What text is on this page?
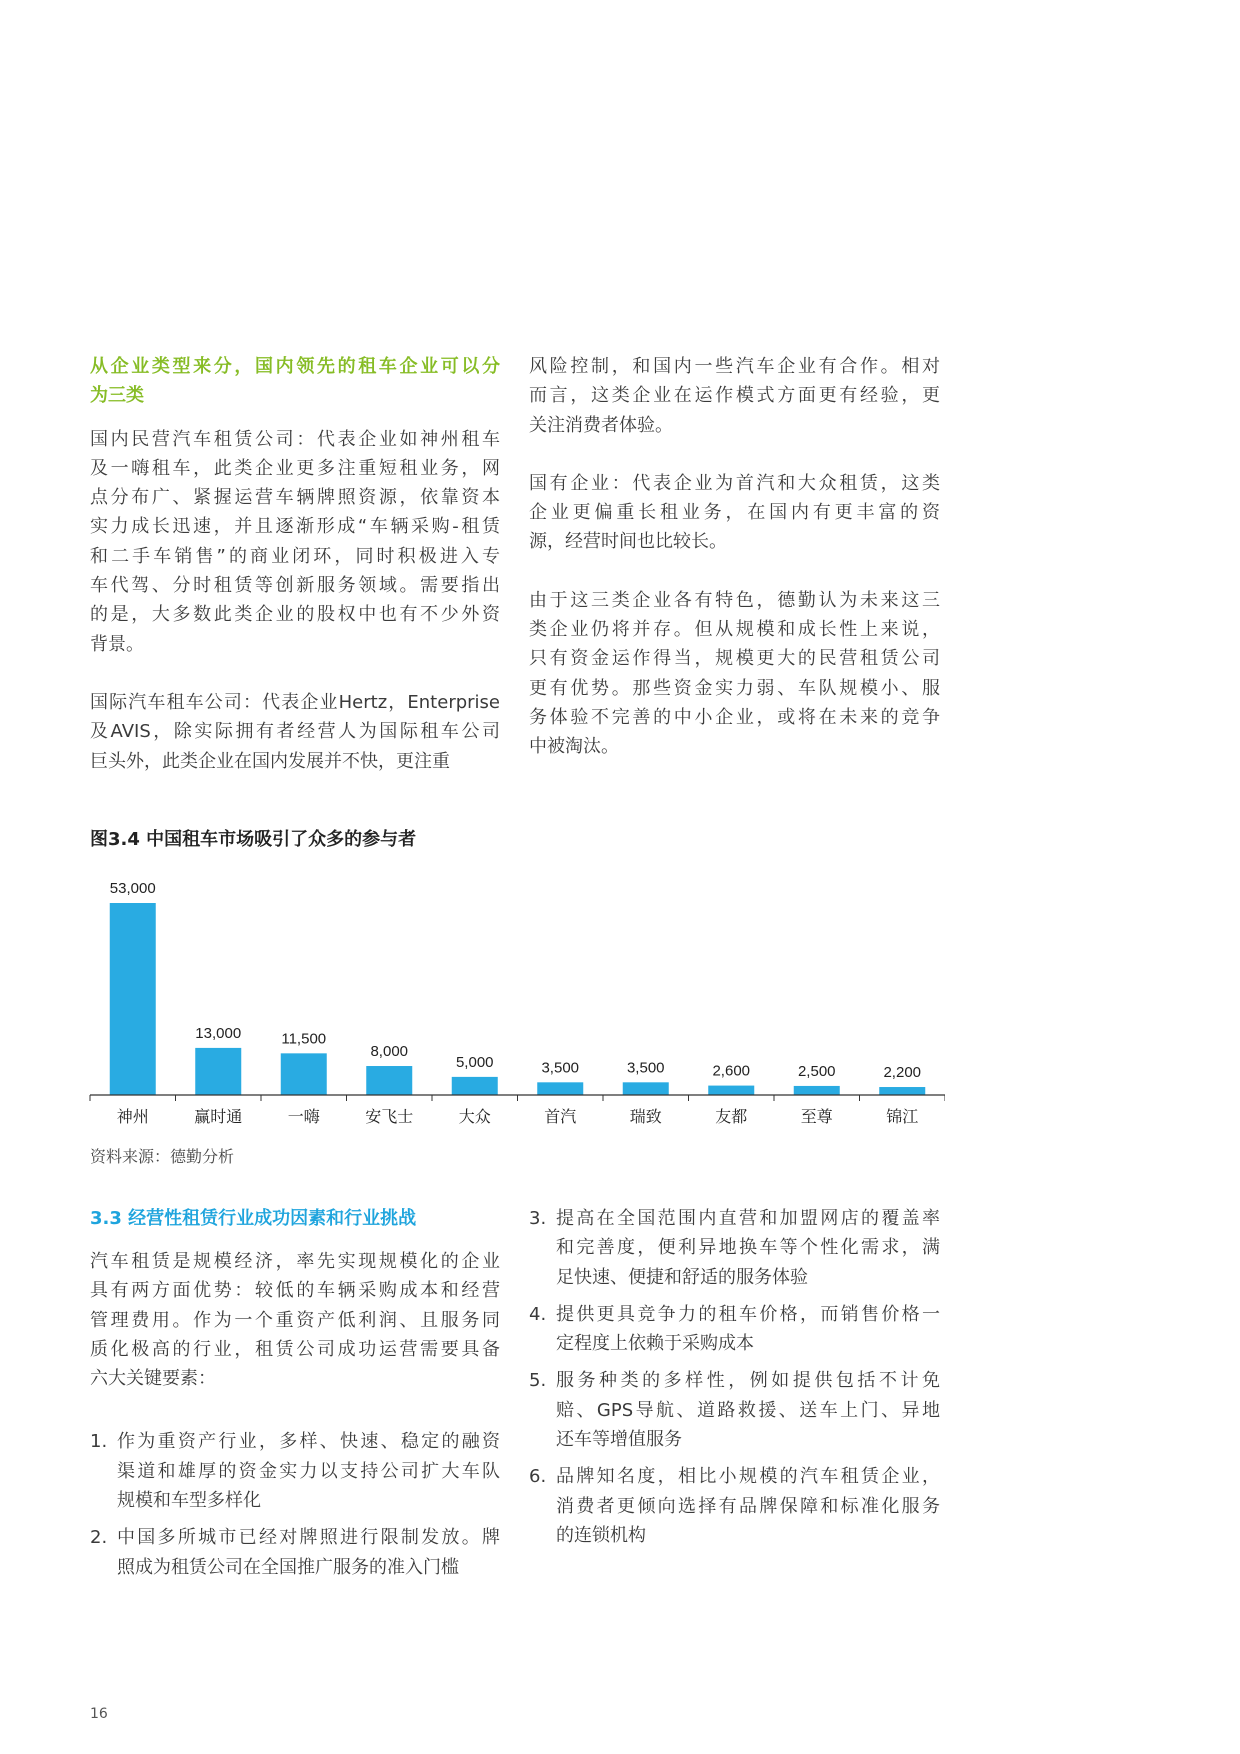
从企业类型来分，国内领先的租车企业可以分
为三类
国内民营汽车租赁公司：代表企业如神州租车
及一嗨租车，此类企业更多注重短租业务，网
点分布广、紧握运营车辆牌照资源，依靠资本
实力成长迅速，并且逐渐形成“车辆采购-租赁
和二手车销售”的商业闭环，同时积极进入专
车代驾、分时租赁等创新服务领域。需要指出
的是，大多数此类企业的股权中也有不少外资
背景。
国际汽车租车公司：代表企业Hertz，Enterprise
及AVIS，除实际拥有者经营人为国际租车公司
巨头外，此类企业在国内发展并不快，更注重
风险控制，和国内一些汽车企业有合作。相对
而言，这类企业在运作模式方面更有经验，更
关注消费者体验。
国有企业：代表企业为首汽和大众租赁，这类
企业更偏重长租业务，在国内有更丰富的资
源，经营时间也比较长。
由于这三类企业各有特色，德勤认为未来这三
类企业仍将并存。但从规模和成长性上来说，
只有资金运作得当，规模更大的民营租赁公司
更有优势。那些资金实力弱、车队规模小、服
务体验不完善的中小企业，或将在未来的竞争
中被淘汰。
图3.4 中国租车市场吸引了众多的参与者
53,000
神州
13,000
赢时通
11,500
一嗨
8,000
安飞士
5,000
大众
3,500
首汽
3,500
瑞致
2,600
友都
2,500
至尊
2,200
锦江
资料来源：德勤分析
3.3 经营性租赁行业成功因素和行业挑战
汽车租赁是规模经济，率先实现规模化的企业
具有两方面优势：较低的车辆采购成本和经营
管理费用。作为一个重资产低利润、且服务同
质化极高的行业，租赁公司成功运营需要具备
六大关键要素：
1. 作为重资产行业，多样、快速、稳定的融资
渠道和雄厚的资金实力以支持公司扩大车队
规模和车型多样化
2. 中国多所城市已经对牌照进行限制发放。牌
照成为租赁公司在全国推广服务的准入门槛
3. 提高在全国范围内直营和加盟网店的覆盖率
和完善度，便利异地换车等个性化需求，满
足快速、便捷和舒适的服务体验
4. 提供更具竞争力的租车价格，而销售价格一
定程度上依赖于采购成本
5. 服务种类的多样性，例如提供包括不计免
赔、GPS导航、道路救援、送车上门、异地
还车等增值服务
6. 品牌知名度，相比小规模的汽车租赁企业，
消费者更倾向选择有品牌保障和标准化服务
的连锁机构
16
